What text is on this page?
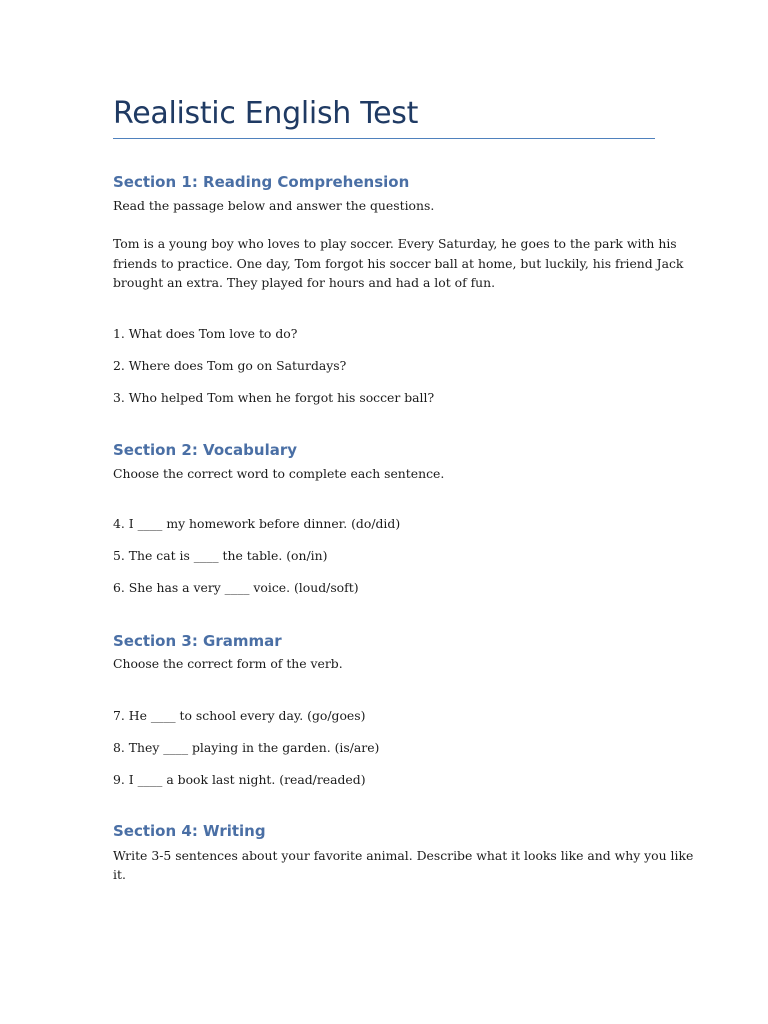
Realistic English Test
Section 1: Reading Comprehension

Read the passage below and answer the questions.

Tom is a young boy who loves to play soccer. Every Saturday, he goes to the park with his

friends to practice. One day, Tom forgot his soccer ball at home, but luckily, his friend Jack

brought an extra. They played for hours and had a lot of fun.

1. What does Tom love to do?

2. Where does Tom go on Saturdays?

3. Who helped Tom when he forgot his soccer ball?

Section 2: Vocabulary

Choose the correct word to complete each sentence.

4. I ____ my homework before dinner. (do/did)

5. The cat is ____ the table. (on/in)

6. She has a very ____ voice. (loud/soft)

Section 3: Grammar

Choose the correct form of the verb.

7. He ____ to school every day. (go/goes)

8. They ____ playing in the garden. (is/are)

9. I ____ a book last night. (read/readed)

Section 4: Writing

Write 3-5 sentences about your favorite animal. Describe what it looks like and why you like

it.
